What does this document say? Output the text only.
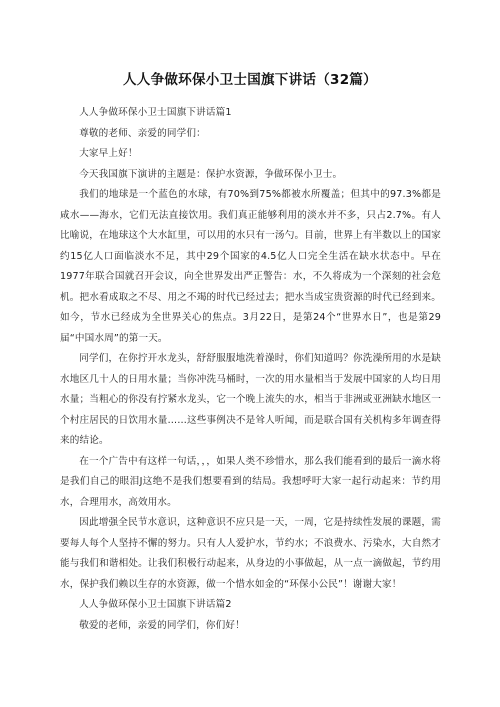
人人争做环保小卫士国旗下讲话（32篇）

人人争做环保小卫士国旗下讲话篇1

尊敬的老师、亲爱的同学们：

大家早上好！

今天我国旗下演讲的主题是：保护水资源，争做环保小卫士。

我们的地球是一个蓝色的水球，有70%到75%都被水所覆盖；但其中的97.3%都是咸水——海水，它们无法直接饮用。我们真正能够利用的淡水并不多，只占2.7%。有人比喻说，在地球这个大水缸里，可以用的水只有一汤勺。目前，世界上有半数以上的国家约15亿人口面临淡水不足，其中29个国家的4.5亿人口完全生活在缺水状态中。早在1977年联合国就召开会议，向全世界发出严正警告：水，不久将成为一个深刻的社会危机。把水看成取之不尽、用之不竭的时代已经过去；把水当成宝贵资源的时代已经到来。如今，节水已经成为全世界关心的焦点。3月22日，是第24个“世界水日”，也是第29届“中国水周”的第一天。

同学们，在你拧开水龙头，舒舒服服地洗着澡时，你们知道吗？你洗澡所用的水是缺水地区几十人的日用水量；当你冲洗马桶时，一次的用水量相当于发展中国家的人均日用水量；当粗心的你没有拧紧水龙头，它一个晚上流失的水，相当于非洲或亚洲缺水地区一个村庄居民的日饮用水量……这些事例决不是耸人听闻，而是联合国有关机构多年调查得来的结论。

在一个广告中有这样一句话，，，如果人类不珍惜水，那么我们能看到的最后一滴水将是我们自己的眼泪J这绝不是我们想要看到的结局。我想呼吁大家一起行动起来：节约用水，合理用水，高效用水。

因此增强全民节水意识，这种意识不应只是一天，一周，它是持续性发展的课题，需要每人每个人坚持不懈的努力。只有人人爱护水，节约水；不浪费水、污染水，大自然才能与我们和谐相处。让我们积极行动起来，从身边的小事做起，从一点一滴做起，节约用水，保护我们赖以生存的水资源，做一个惜水如金的“环保小公民”！谢谢大家！

人人争做环保小卫士国旗下讲话篇2

敬爱的老师，亲爱的同学们，你们好！
